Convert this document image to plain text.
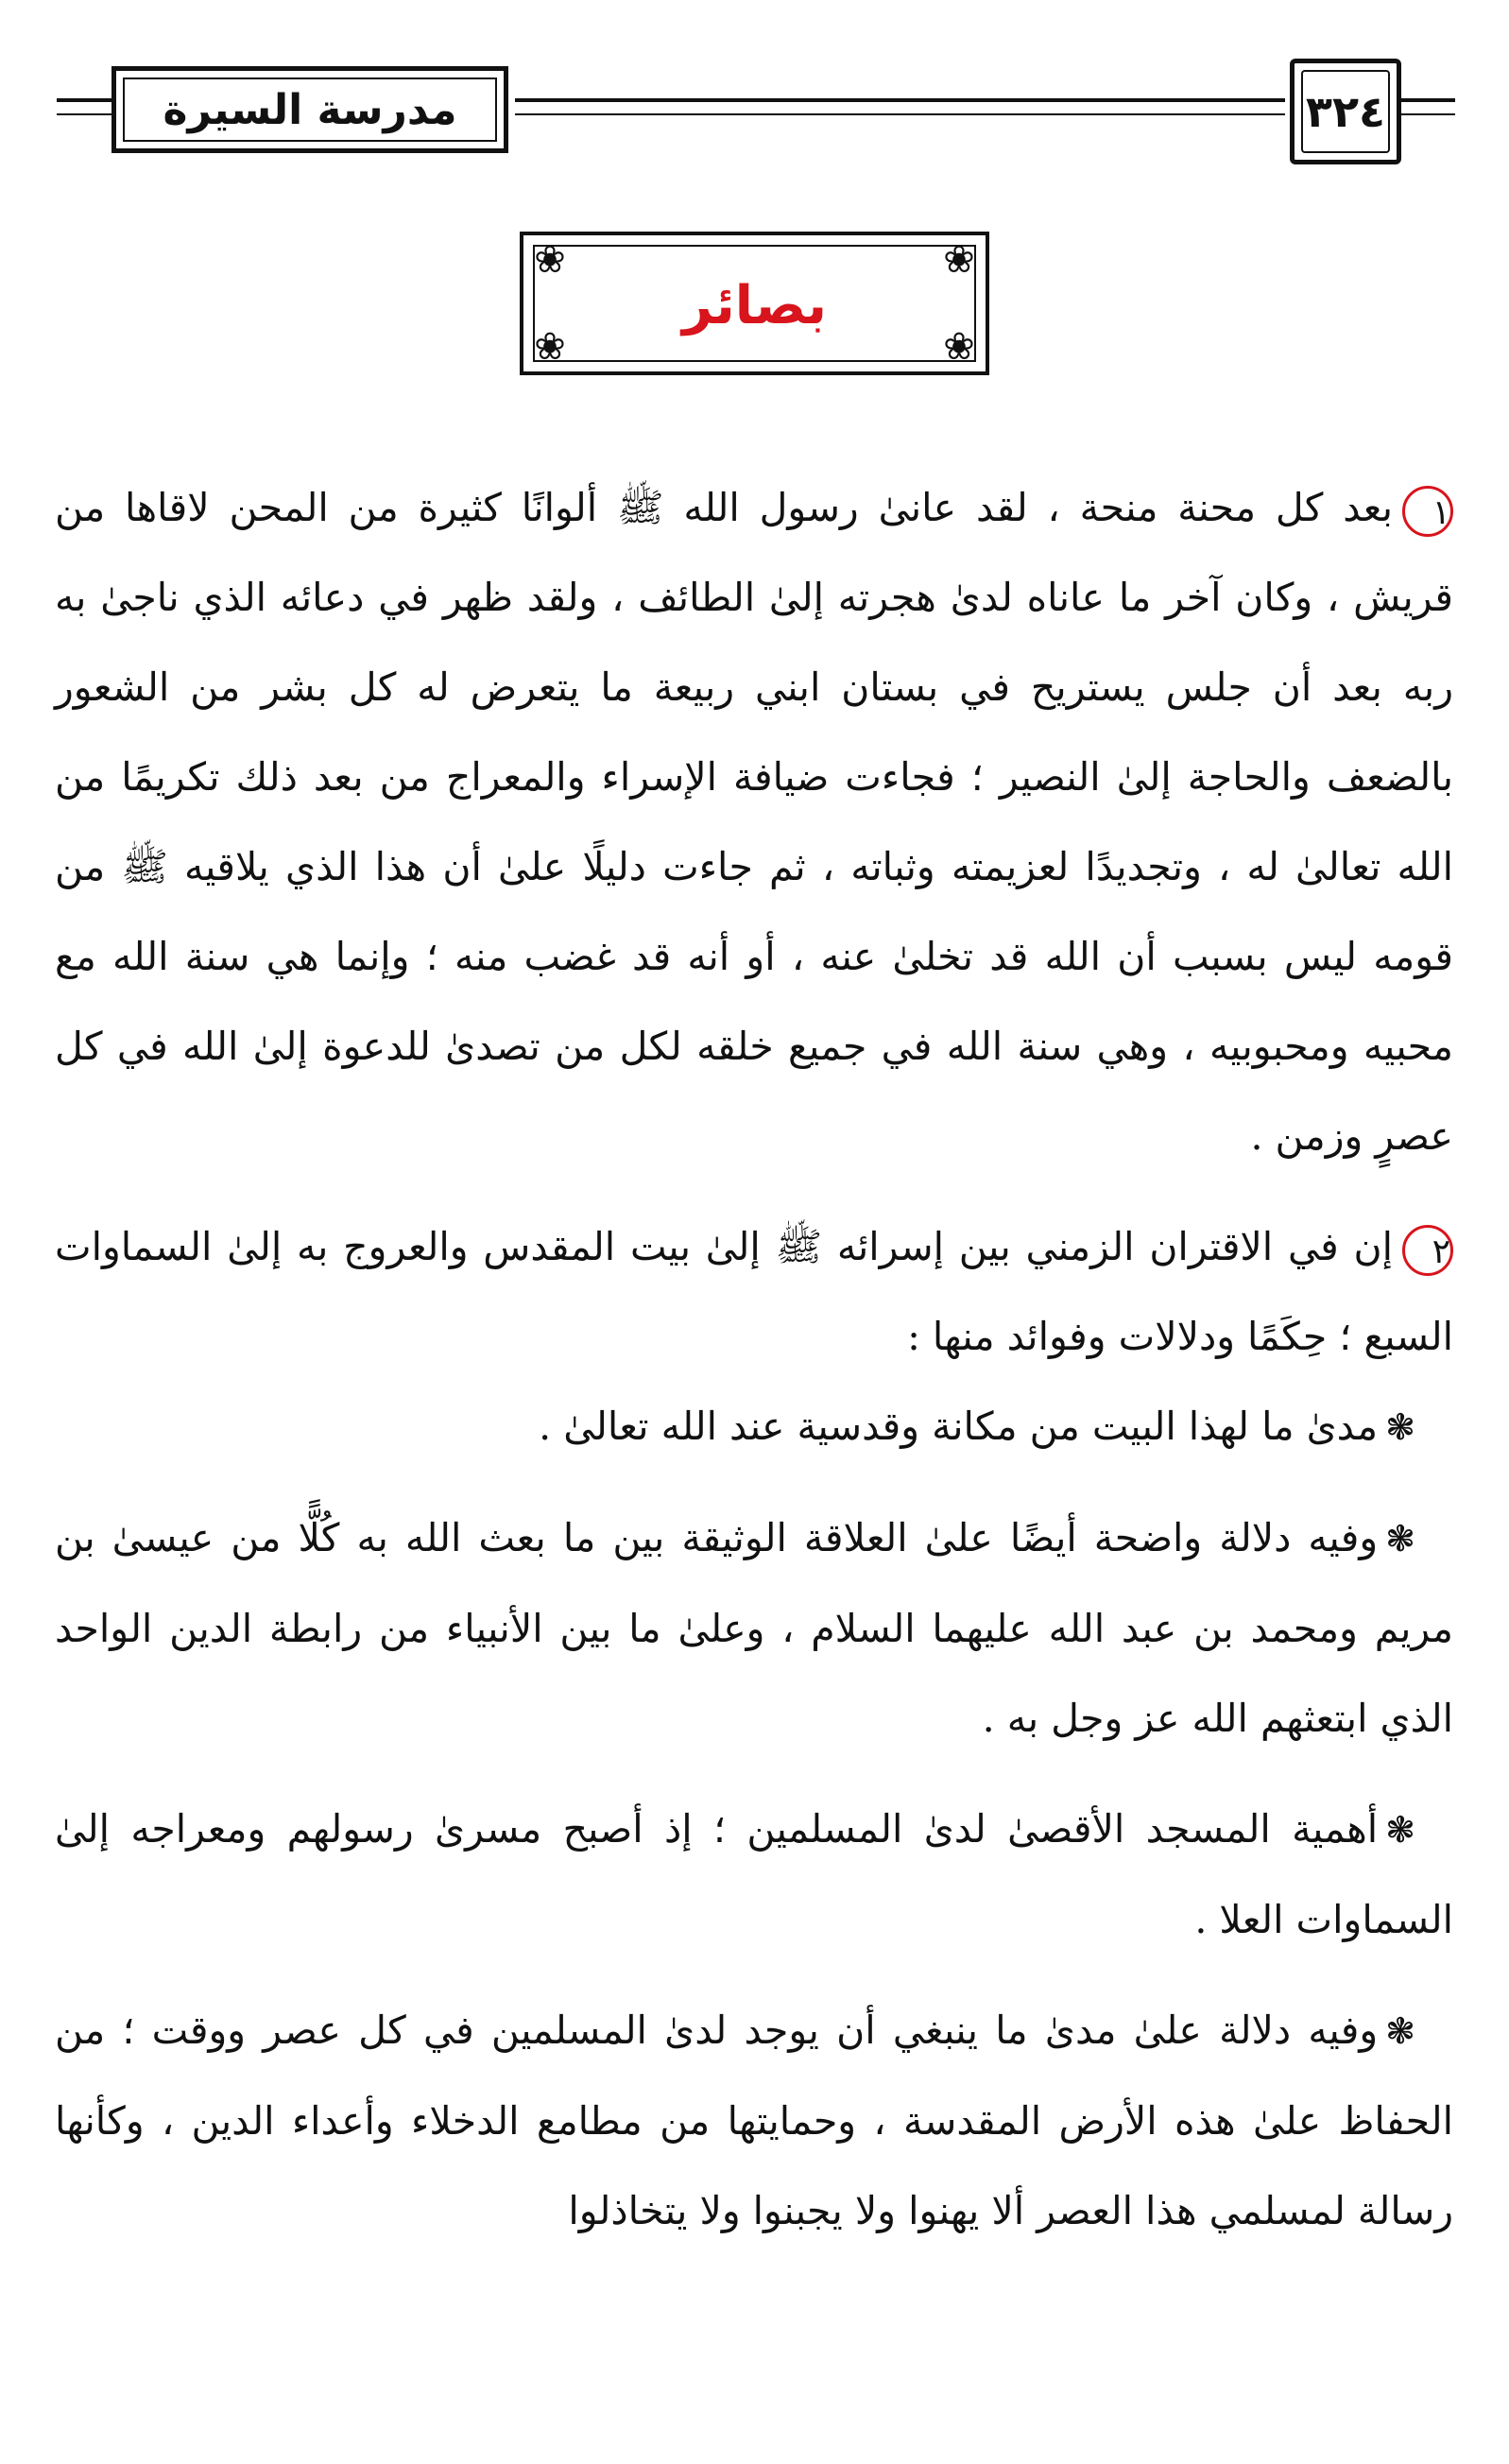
مدرسة السيرة	٣٢٤
❀	❀
❀	❀
بصائر

١بعد كل محنة منحة ، لقد عانىٰ رسول الله ﷺ ألوانًا كثيرة من المحن لاقاها من قريش ، وكان آخر ما عاناه لدىٰ هجرته إلىٰ الطائف ، ولقد ظهر في دعائه الذي ناجىٰ به ربه بعد أن جلس يستريح في بستان ابني ربيعة ما يتعرض له كل بشر من الشعور بالضعف والحاجة إلىٰ النصير ؛ فجاءت ضيافة الإسراء والمعراج من بعد ذلك تكريمًا من الله تعالىٰ له ، وتجديدًا لعزيمته وثباته ، ثم جاءت دليلًا علىٰ أن هذا الذي يلاقيه ﷺ من قومه ليس بسبب أن الله قد تخلىٰ عنه ، أو أنه قد غضب منه ؛ وإنما هي سنة الله مع محبيه ومحبوبيه ، وهي سنة الله في جميع خلقه لكل من تصدىٰ للدعوة إلىٰ الله في كل عصرٍ وزمن .

٢إن في الاقتران الزمني بين إسرائه ﷺ إلىٰ بيت المقدس والعروج به إلىٰ السماوات السبع ؛ حِكَمًا ودلالات وفوائد منها :

❃مدىٰ ما لهذا البيت من مكانة وقدسية عند الله تعالىٰ .

❃وفيه دلالة واضحة أيضًا علىٰ العلاقة الوثيقة بين ما بعث الله به كُلًّا من عيسىٰ بن مريم ومحمد بن عبد الله عليهما السلام ، وعلىٰ ما بين الأنبياء من رابطة الدين الواحد الذي ابتعثهم الله عز وجل به .

❃أهمية المسجد الأقصىٰ لدىٰ المسلمين ؛ إذ أصبح مسرىٰ رسولهم ومعراجه إلىٰ السماوات العلا .

❃وفيه دلالة علىٰ مدىٰ ما ينبغي أن يوجد لدىٰ المسلمين في كل عصر ووقت ؛ من الحفاظ علىٰ هذه الأرض المقدسة ، وحمايتها من مطامع الدخلاء وأعداء الدين ، وكأنها رسالة لمسلمي هذا العصر ألا يهنوا ولا يجبنوا ولا يتخاذلوا
